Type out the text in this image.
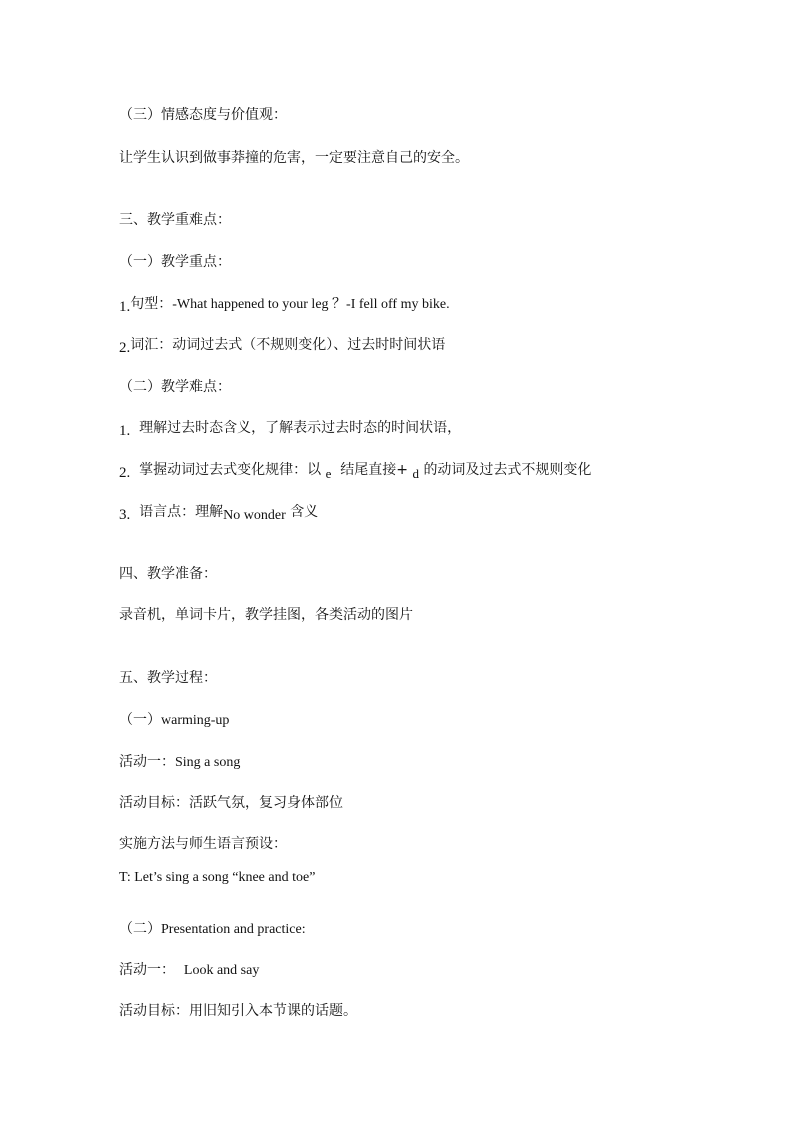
（三）情感态度与价值观：
让学生认识到做事莽撞的危害，一定要注意自己的安全。
三、教学重难点：
（一）教学重点：
1.句型：-What happened to your leg ？-I fell off my bike.
2.词汇：动词过去式（不规则变化）、过去时时间状语
（二）教学难点：
1. 理解过去时态含义，了解表示过去时态的时间状语，
2. 掌握动词过去式变化规律：以 e 结尾直接+ d 的动词及过去式不规则变化
3. 语言点：理解No wonder 含义
四、教学准备：
录音机，单词卡片，教学挂图，各类活动的图片
五、教学过程：
（一）warming-up
活动一：Sing a song
活动目标：活跃气氛，复习身体部位
实施方法与师生语言预设：
T: Let’s sing a song “knee and toe”
（二）Presentation and practice:
活动一： Look and say
活动目标：用旧知引入本节课的话题。
